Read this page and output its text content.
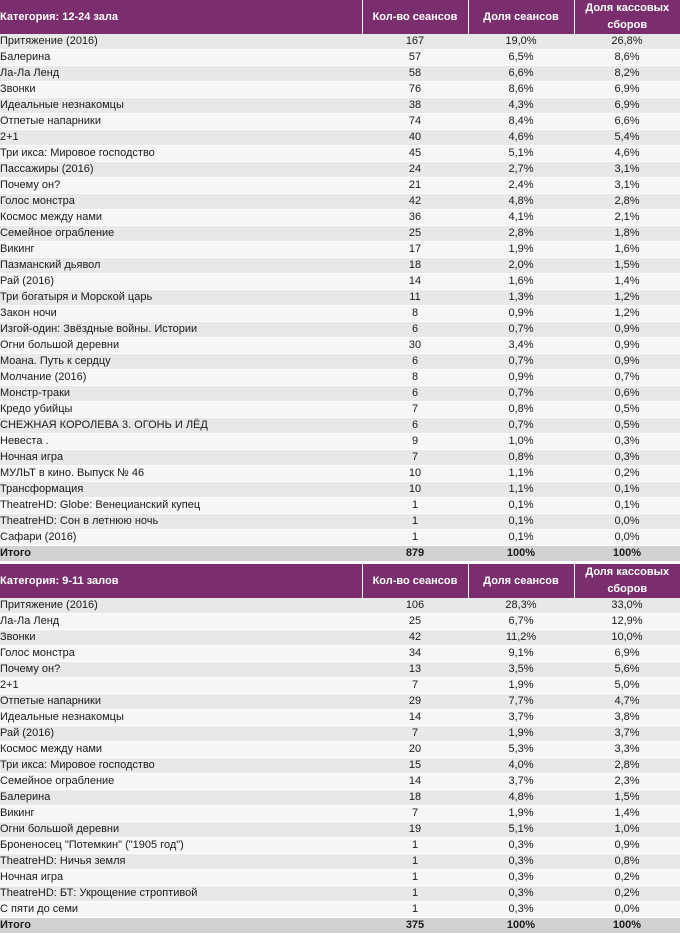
Категория: 12-24 зала	Кол-во сеансов	Доля сеансов	Доля кассовых сборов
Притяжение (2016)	167	19,0%	26,8%
Балерина	57	6,5%	8,6%
Ла-Ла Ленд	58	6,6%	8,2%
Звонки	76	8,6%	6,9%
Идеальные незнакомцы	38	4,3%	6,9%
Отпетые напарники	74	8,4%	6,6%
2+1	40	4,6%	5,4%
Три икса: Мировое господство	45	5,1%	4,6%
Пассажиры (2016)	24	2,7%	3,1%
Почему он?	21	2,4%	3,1%
Голос монстра	42	4,8%	2,8%
Космос между нами	36	4,1%	2,1%
Семейное ограбление	25	2,8%	1,8%
Викинг	17	1,9%	1,6%
Пазманский дьявол	18	2,0%	1,5%
Рай (2016)	14	1,6%	1,4%
Три богатыря и Морской царь	11	1,3%	1,2%
Закон ночи	8	0,9%	1,2%
Изгой-один: Звёздные войны. Истории	6	0,7%	0,9%
Огни большой деревни	30	3,4%	0,9%
Моана. Путь к сердцу	6	0,7%	0,9%
Молчание (2016)	8	0,9%	0,7%
Монстр-траки	6	0,7%	0,6%
Кредо убийцы	7	0,8%	0,5%
СНЕЖНАЯ КОРОЛЕВА 3. ОГОНЬ И ЛЁД	6	0,7%	0,5%
Невеста .	9	1,0%	0,3%
Ночная игра	7	0,8%	0,3%
МУЛЬТ в кино. Выпуск № 46	10	1,1%	0,2%
Трансформация	10	1,1%	0,1%
TheatreHD: Globe: Венецианский купец	1	0,1%	0,1%
TheatreHD: Сон в летнюю ночь	1	0,1%	0,0%
Сафари (2016)	1	0,1%	0,0%
Итого	879	100%	100%

Категория: 9-11 залов	Кол-во сеансов	Доля сеансов	Доля кассовых сборов
Притяжение (2016)	106	28,3%	33,0%
Ла-Ла Ленд	25	6,7%	12,9%
Звонки	42	11,2%	10,0%
Голос монстра	34	9,1%	6,9%
Почему он?	13	3,5%	5,6%
2+1	7	1,9%	5,0%
Отпетые напарники	29	7,7%	4,7%
Идеальные незнакомцы	14	3,7%	3,8%
Рай (2016)	7	1,9%	3,7%
Космос между нами	20	5,3%	3,3%
Три икса: Мировое господство	15	4,0%	2,8%
Семейное ограбление	14	3,7%	2,3%
Балерина	18	4,8%	1,5%
Викинг	7	1,9%	1,4%
Огни большой деревни	19	5,1%	1,0%
Броненосец "Потемкин" ("1905 год")	1	0,3%	0,9%
TheatreHD: Ничья земля	1	0,3%	0,8%
Ночная игра	1	0,3%	0,2%
TheatreHD: БТ: Укрощение строптивой	1	0,3%	0,2%
С пяти до семи	1	0,3%	0,0%
Итого	375	100%	100%
